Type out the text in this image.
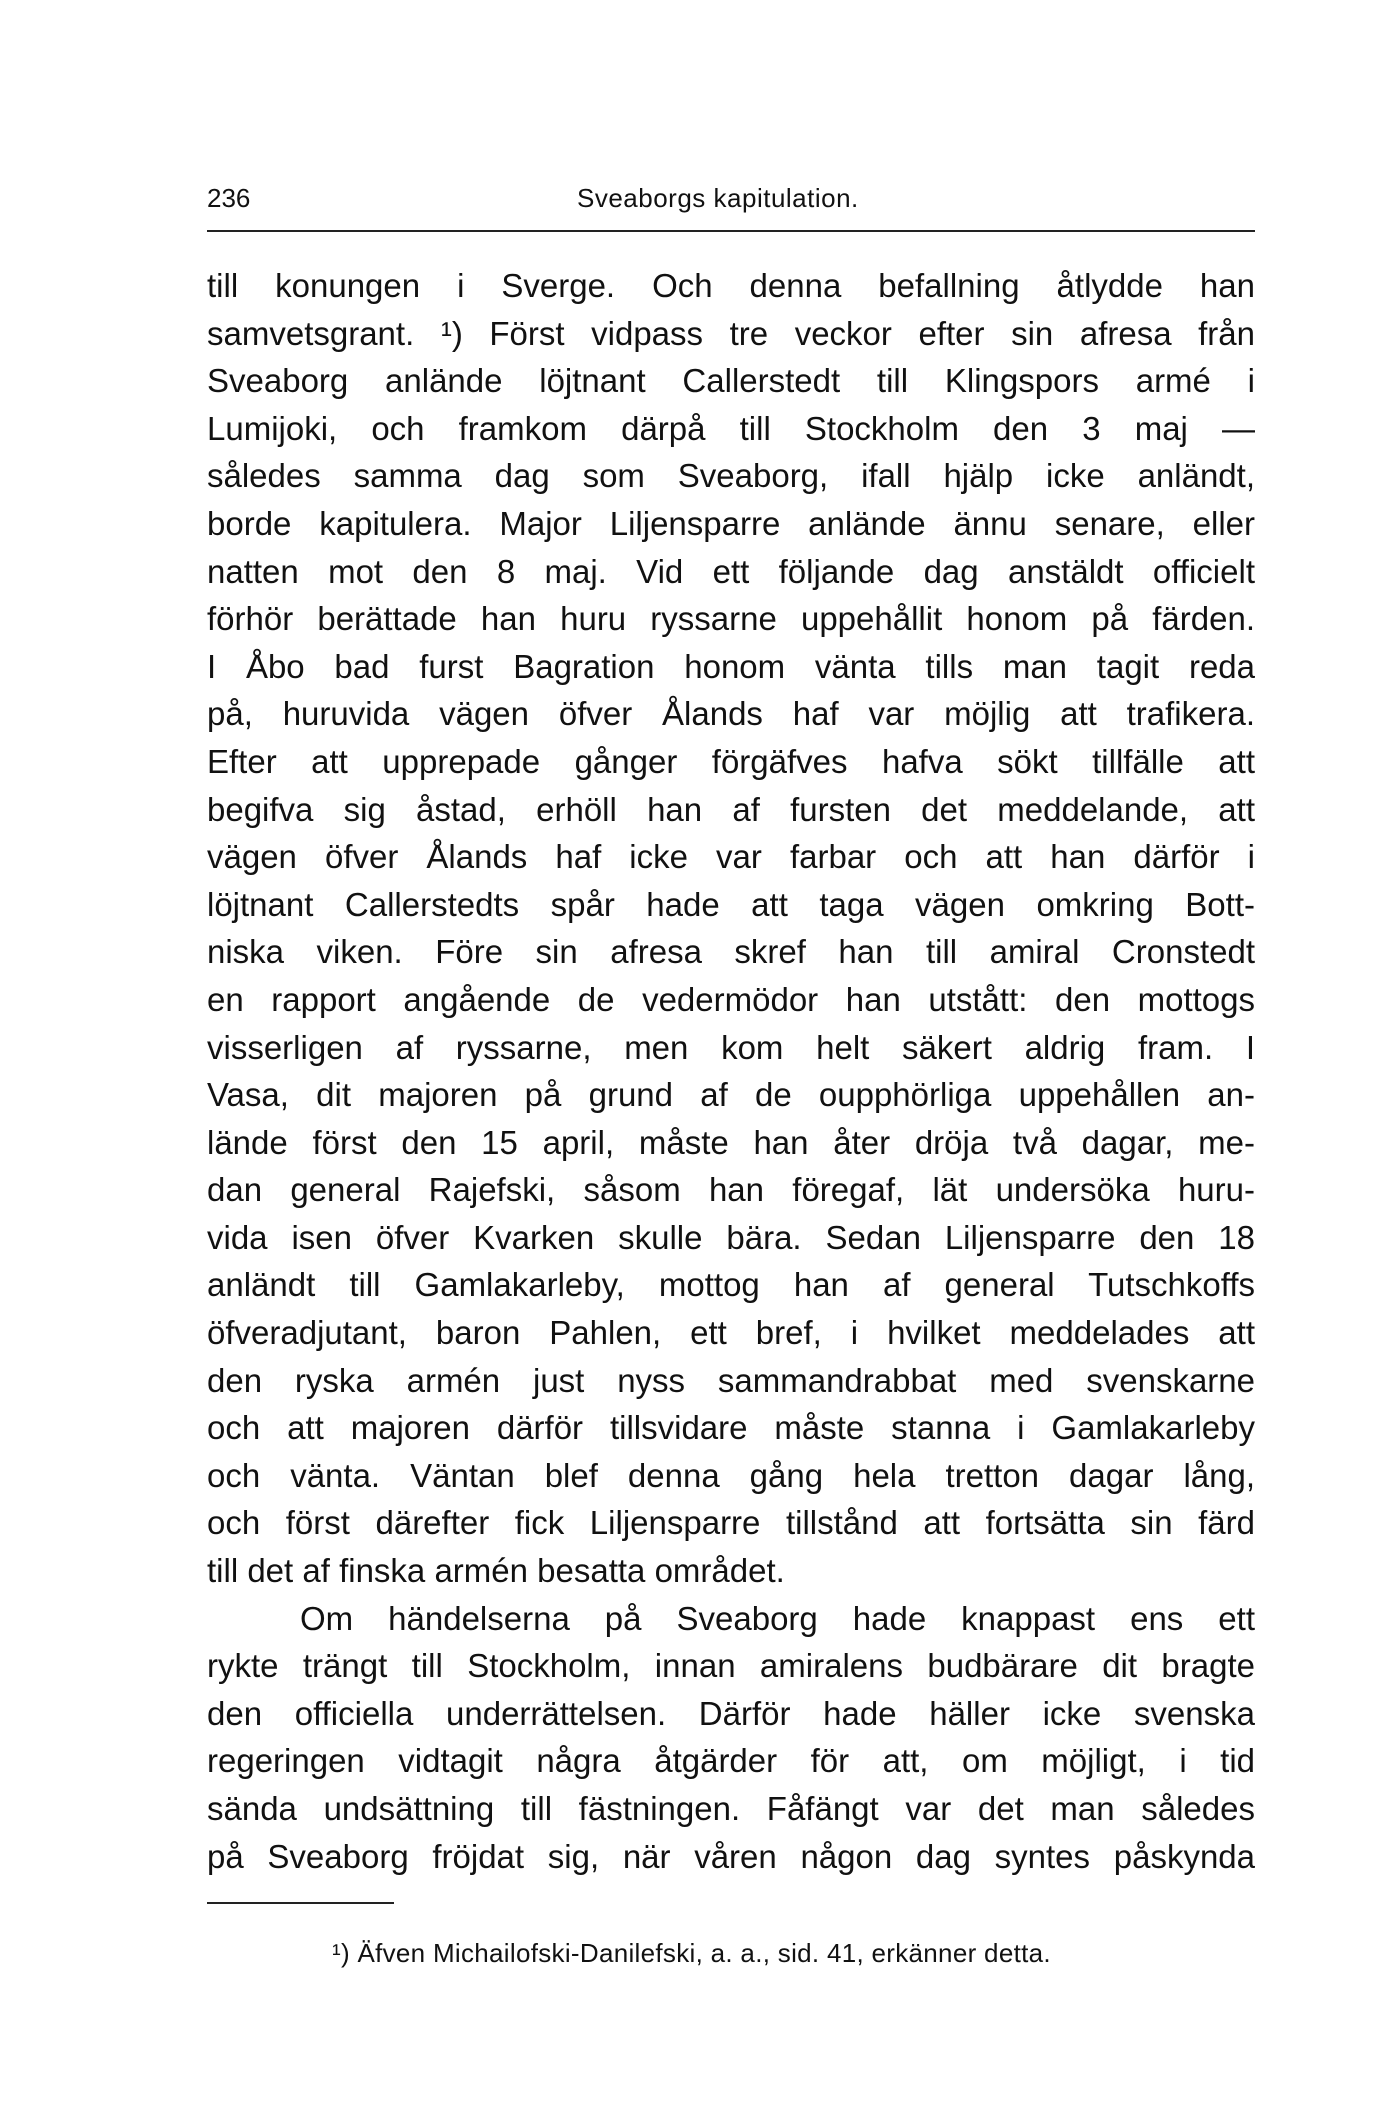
236	Sveaborgs kapitulation.
till konungen i Sverge. Och denna befallning åtlydde han
samvetsgrant. ¹) Först vidpass tre veckor efter sin afresa från
Sveaborg anlände löjtnant Callerstedt till Klingspors armé i
Lumijoki, och framkom därpå till Stockholm den 3 maj —
således samma dag som Sveaborg, ifall hjälp icke anländt,
borde kapitulera. Major Liljensparre anlände ännu senare, eller
natten mot den 8 maj. Vid ett följande dag anstäldt officielt
förhör berättade han huru ryssarne uppehållit honom på färden.
I Åbo bad furst Bagration honom vänta tills man tagit reda
på, huruvida vägen öfver Ålands haf var möjlig att trafikera.
Efter att upprepade gånger förgäfves hafva sökt tillfälle att
begifva sig åstad, erhöll han af fursten det meddelande, att
vägen öfver Ålands haf icke var farbar och att han därför i
löjtnant Callerstedts spår hade att taga vägen omkring Bott-
niska viken. Före sin afresa skref han till amiral Cronstedt
en rapport angående de vedermödor han utstått: den mottogs
visserligen af ryssarne, men kom helt säkert aldrig fram. I
Vasa, dit majoren på grund af de oupphörliga uppehållen an-
lände först den 15 april, måste han åter dröja två dagar, me-
dan general Rajefski, såsom han föregaf, lät undersöka huru-
vida isen öfver Kvarken skulle bära. Sedan Liljensparre den 18
anländt till Gamlakarleby, mottog han af general Tutschkoffs
öfveradjutant, baron Pahlen, ett bref, i hvilket meddelades att
den ryska armén just nyss sammandrabbat med svenskarne
och att majoren därför tillsvidare måste stanna i Gamlakarleby
och vänta. Väntan blef denna gång hela tretton dagar lång,
och först därefter fick Liljensparre tillstånd att fortsätta sin färd
till det af finska armén besatta området.
Om händelserna på Sveaborg hade knappast ens ett
rykte trängt till Stockholm, innan amiralens budbärare dit bragte
den officiella underrättelsen. Därför hade häller icke svenska
regeringen vidtagit några åtgärder för att, om möjligt, i tid
sända undsättning till fästningen. Fåfängt var det man således
på Sveaborg fröjdat sig, när våren någon dag syntes påskynda
¹) Äfven Michailofski-Danilefski, a. a., sid. 41, erkänner detta.
